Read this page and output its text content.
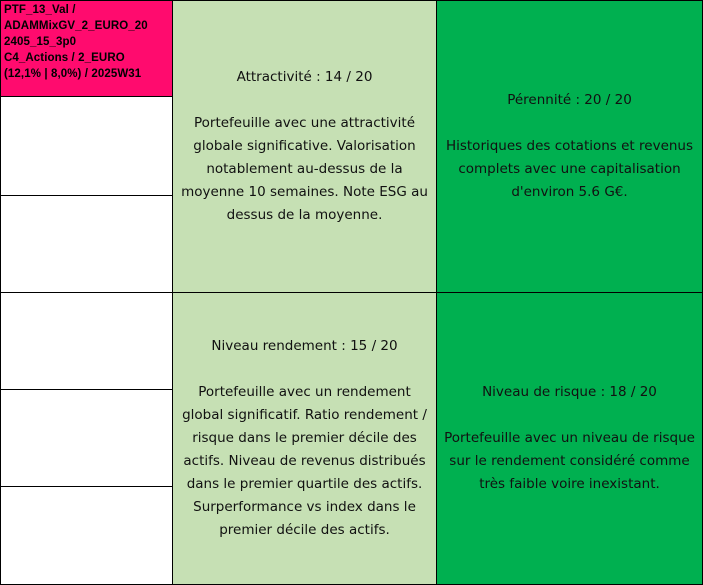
PTF_13_Val /
ADAMMixGV_2_EURO_20
2405_15_3p0
C4_Actions / 2_EURO
(12,1% | 8,0%) / 2025W31	Attractivité : 14 / 20
Portefeuille avec une attractivité globale significative. Valorisation notablement au-dessus de la moyenne 10 semaines. Note ESG au dessus de la moyenne.
Pérennité : 20 / 20
Historiques des cotations et revenus complets avec une capitalisation d'environ 5.6 G€.
Niveau rendement : 15 / 20
Portefeuille avec un rendement global significatif. Ratio rendement / risque dans le premier décile des actifs. Niveau de revenus distribués dans le premier quartile des actifs. Surperformance vs index dans le premier décile des actifs.
Niveau de risque : 18 / 20
Portefeuille avec un niveau de risque sur le rendement considéré comme très faible voire inexistant.
